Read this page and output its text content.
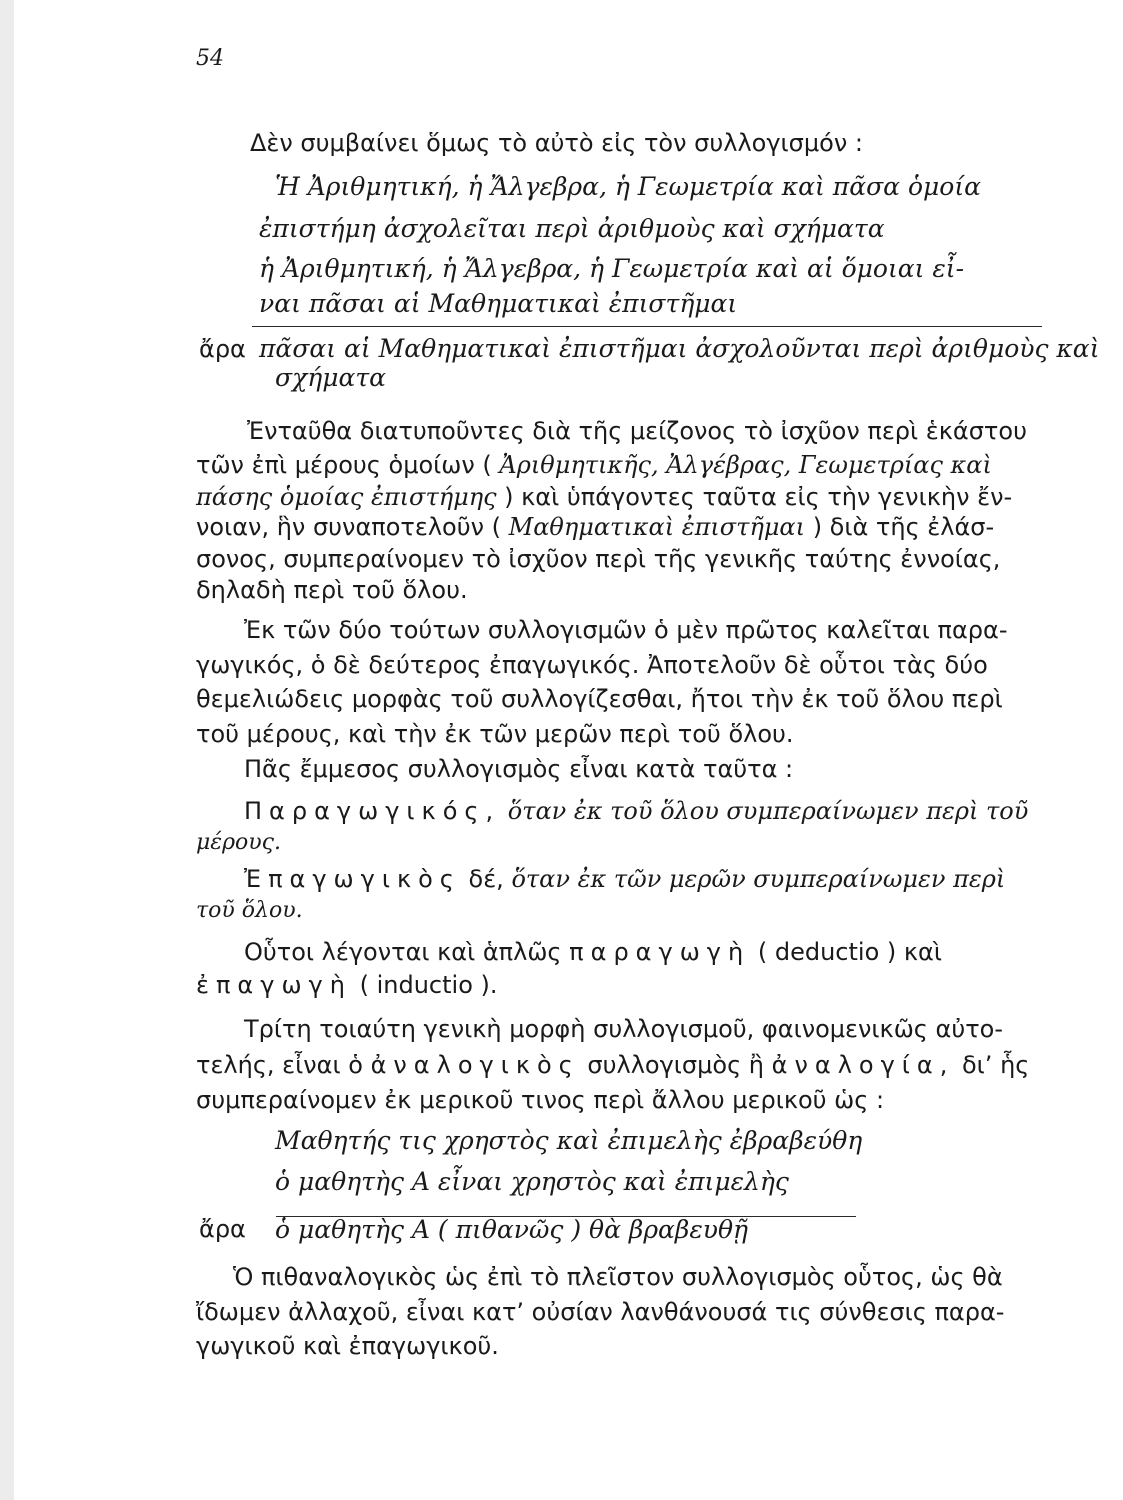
54
Δὲν συμβαίνει ὅμως τὸ αὐτὸ εἰς τὸν συλλογισμόν :
Ἡ Ἀριθμητική, ἡ Ἄλγεβρα, ἡ Γεωμετρία καὶ πᾶσα ὁμοία
ἐπιστήμη ἀσχολεῖται περὶ ἀριθμοὺς καὶ σχήματα
ἡ Ἀριθμητική, ἡ Ἄλγεβρα, ἡ Γεωμετρία καὶ αἱ ὅμοιαι εἶ-
ναι πᾶσαι αἱ Μαθηματικαὶ ἐπιστῆμαι
ἄρα πᾶσαι αἱ Μαθηματικαὶ ἐπιστῆμαι ἀσχολοῦνται περὶ ἀριθμοὺς καὶ
σχήματα
Ἐνταῦθα διατυποῦντες διὰ τῆς μείζονος τὸ ἰσχῦον περὶ ἑκάστου
τῶν ἐπὶ μέρους ὁμοίων ( Ἀριθμητικῆς, Ἀλγέβρας, Γεωμετρίας καὶ
πάσης ὁμοίας ἐπιστήμης ) καὶ ὑπάγοντες ταῦτα εἰς τὴν γενικὴν ἔν-
νοιαν, ἣν συναποτελοῦν ( Μαθηματικαὶ ἐπιστῆμαι ) διὰ τῆς ἐλάσ-
σονος, συμπεραίνομεν τὸ ἰσχῦον περὶ τῆς γενικῆς ταύτης ἐννοίας,
δηλαδὴ περὶ τοῦ ὅλου.
Ἐκ τῶν δύο τούτων συλλογισμῶν ὁ μὲν πρῶτος καλεῖται παρα-
γωγικός, ὁ δὲ δεύτερος ἐπαγωγικός. Ἀποτελοῦν δὲ οὗτοι τὰς δύο
θεμελιώδεις μορφὰς τοῦ συλλογίζεσθαι, ἤτοι τὴν ἐκ τοῦ ὅλου περὶ
τοῦ μέρους, καὶ τὴν ἐκ τῶν μερῶν περὶ τοῦ ὅλου.
Πᾶς ἔμμεσος συλλογισμὸς εἶναι κατὰ ταῦτα :
Παραγωγικός, ὅταν ἐκ τοῦ ὅλου συμπεραίνωμεν περὶ τοῦ
μέρους.
Ἐπαγωγικὸς δέ, ὅταν ἐκ τῶν μερῶν συμπεραίνωμεν περὶ
τοῦ ὅλου.
Οὗτοι λέγονται καὶ ἁπλῶς παραγωγὴ ( deductio ) καὶ
ἐπαγωγὴ ( inductio ).
Τρίτη τοιαύτη γενικὴ μορφὴ συλλογισμοῦ, φαινομενικῶς αὐτο-
τελής, εἶναι ὁ ἀναλογικὸς συλλογισμὸς ἢ ἀναλογία, δι’ ἧς
συμπεραίνομεν ἐκ μερικοῦ τινος περὶ ἄλλου μερικοῦ ὡς :
Μαθητής τις χρηστὸς καὶ ἐπιμελὴς ἐβραβεύθη
ὁ μαθητὴς Α εἶναι χρηστὸς καὶ ἐπιμελὴς
ἄρα ὁ μαθητὴς Α ( πιθανῶς ) θὰ βραβευθῇ
Ὁ πιθαναλογικὸς ὡς ἐπὶ τὸ πλεῖστον συλλογισμὸς οὗτος, ὡς θὰ
ἴδωμεν ἀλλαχοῦ, εἶναι κατ’ οὐσίαν λανθάνουσά τις σύνθεσις παρα-
γωγικοῦ καὶ ἐπαγωγικοῦ.
